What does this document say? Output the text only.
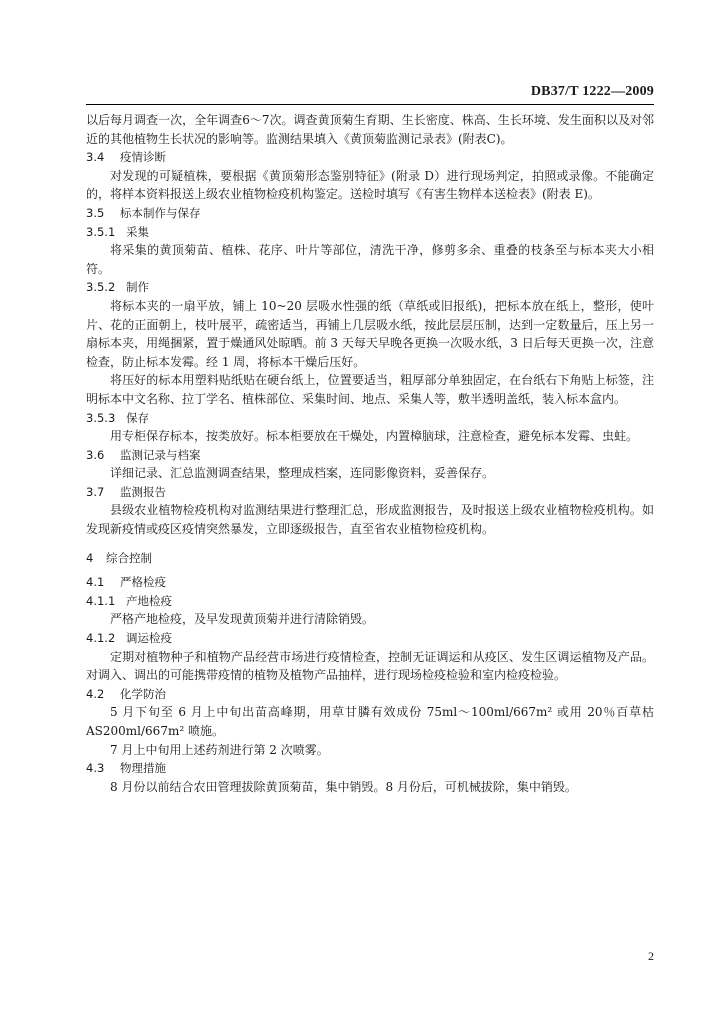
DB37/T 1222—2009

以后每月调查一次，全年调查6～7次。调查黄顶菊生育期、生长密度、株高、生长环境、发生面积以及对邻近的其他植物生长状况的影响等。监测结果填入《黄顶菊监测记录表》(附表C)。

3.4 疫情诊断

对发现的可疑植株，要根据《黄顶菊形态鉴别特征》(附录 D）进行现场判定，拍照或录像。不能确定的，将样本资料报送上级农业植物检疫机构鉴定。送检时填写《有害生物样本送检表》(附表 E)。

3.5 标本制作与保存
3.5.1 采集

将采集的黄顶菊苗、植株、花序、叶片等部位，清洗干净，修剪多余、重叠的枝条至与标本夹大小相符。

3.5.2 制作

将标本夹的一扇平放，铺上 10~20 层吸水性强的纸（草纸或旧报纸)，把标本放在纸上，整形，使叶片、花的正面朝上，枝叶展平，疏密适当，再铺上几层吸水纸，按此层层压制，达到一定数量后，压上另一扇标本夹，用绳捆紧，置于燥通风处晾晒。前 3 天每天早晚各更换一次吸水纸，3 日后每天更换一次，注意检查，防止标本发霉。经 1 周，将标本干燥后压好。

将压好的标本用塑料贴纸贴在硬台纸上，位置要适当，粗厚部分单独固定，在台纸右下角贴上标签，注明标本中文名称、拉丁学名、植株部位、采集时间、地点、采集人等，敷半透明盖纸，装入标本盒内。

3.5.3 保存

用专柜保存标本，按类放好。标本柜要放在干燥处，内置樟脑球，注意检查，避免标本发霉、虫蛀。

3.6 监测记录与档案

详细记录、汇总监测调查结果，整理成档案，连同影像资料，妥善保存。

3.7 监测报告

县级农业植物检疫机构对监测结果进行整理汇总，形成监测报告，及时报送上级农业植物检疫机构。如发现新疫情或疫区疫情突然暴发，立即逐级报告，直至省农业植物检疫机构。

4 综合控制
4.1 严格检疫
4.1.1 产地检疫

严格产地检疫，及早发现黄顶菊并进行清除销毁。

4.1.2 调运检疫

定期对植物种子和植物产品经营市场进行疫情检查，控制无证调运和从疫区、发生区调运植物及产品。对调入、调出的可能携带疫情的植物及植物产品抽样，进行现场检疫检验和室内检疫检验。

4.2 化学防治

5 月下旬至 6 月上中旬出苗高峰期，用草甘膦有效成份 75ml～100ml/667m² 或用 20％百草枯 AS200ml/667m² 喷施。

7 月上中旬用上述药剂进行第 2 次喷雾。

4.3 物理措施

8 月份以前结合农田管理拔除黄顶菊苗，集中销毁。8 月份后，可机械拔除，集中销毁。

2
